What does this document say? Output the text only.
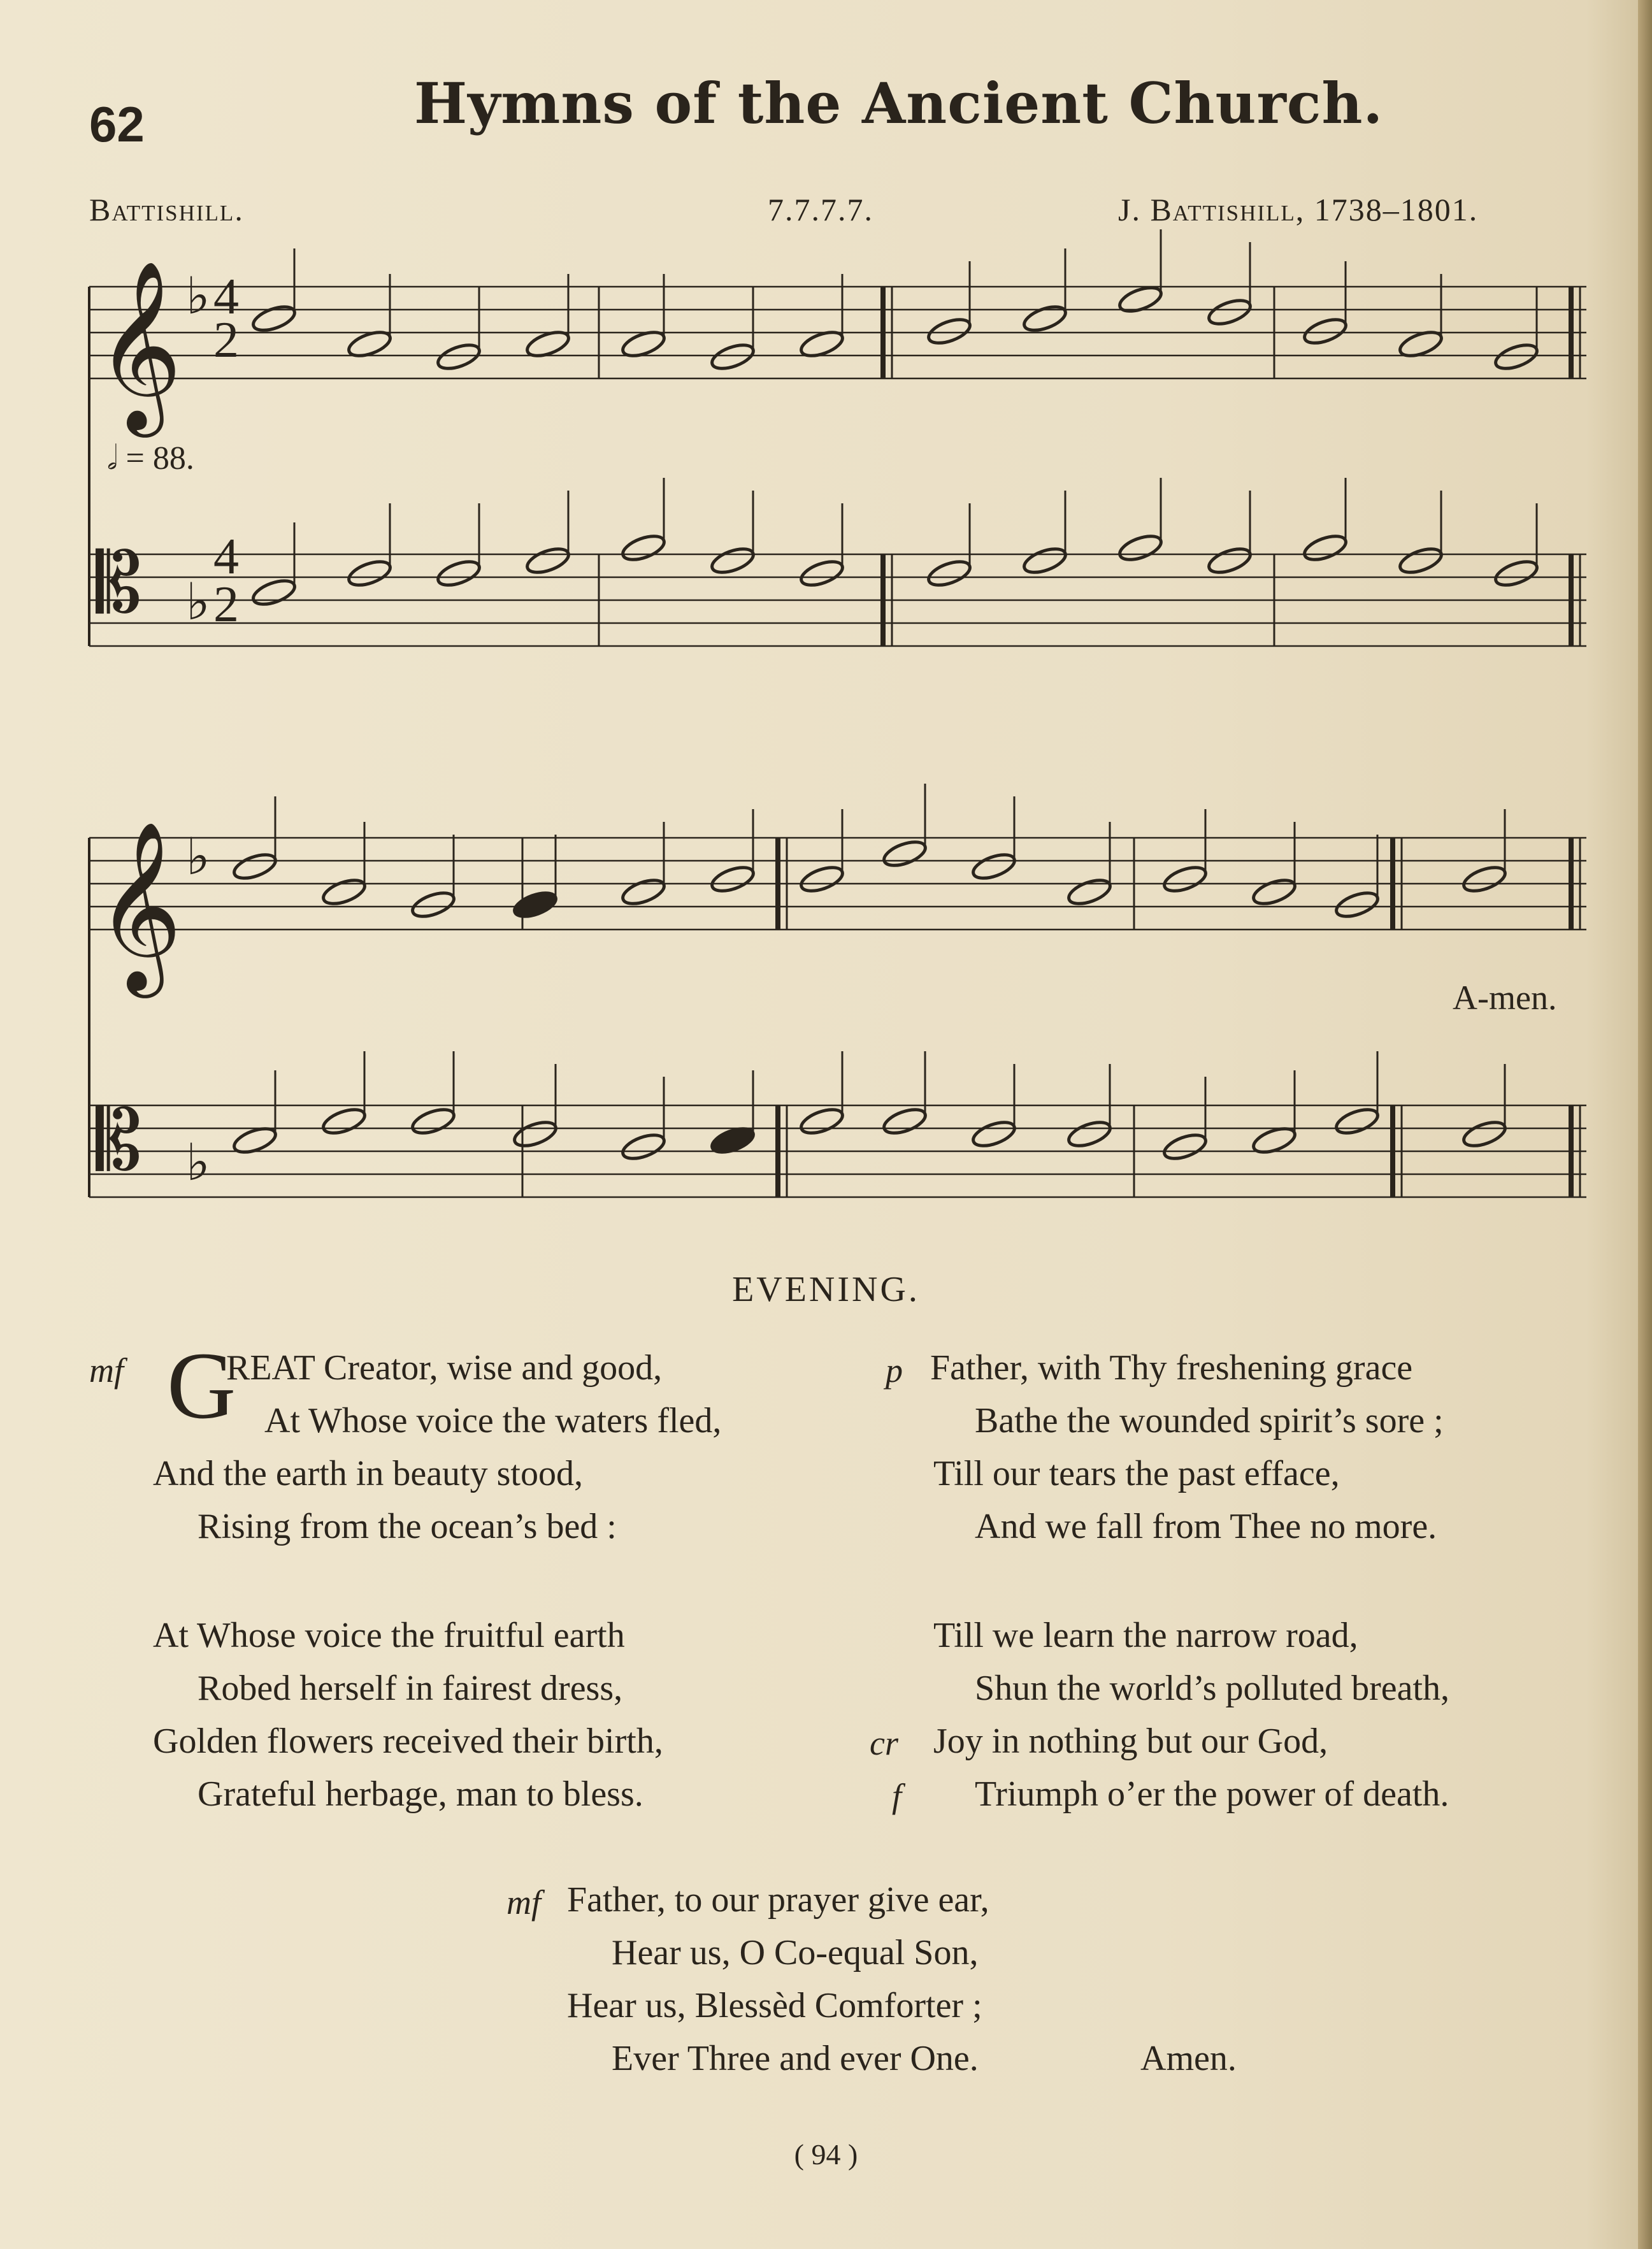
62	Hymns of the Ancient Church.
Battishill.	7.7.7.7.	J. Battishill, 1738–1801.
𝄞
𝄡
𝄞
𝄡
♭
♭
♭
♭
4
2
4
2
𝅗𝅥 = 88.
A-men.
EVENING.
mf G
REAT Creator, wise and good,
At Whose voice the waters fled,
And the earth in beauty stood,
Rising from the ocean’s bed :
At Whose voice the fruitful earth
Robed herself in fairest dress,
Golden flowers received their birth,
Grateful herbage, man to bless.
p Father, with Thy freshening grace
Bathe the wounded spirit’s sore ;
Till our tears the past efface,
And we fall from Thee no more.
Till we learn the narrow road,
Shun the world’s polluted breath,
cr Joy in nothing but our God,
f Triumph o’er the power of death.
mf Father, to our prayer give ear,
Hear us, O Co-equal Son,
Hear us, Blessèd Comforter ;
Ever Three and ever One.	Amen.
( 94 )
